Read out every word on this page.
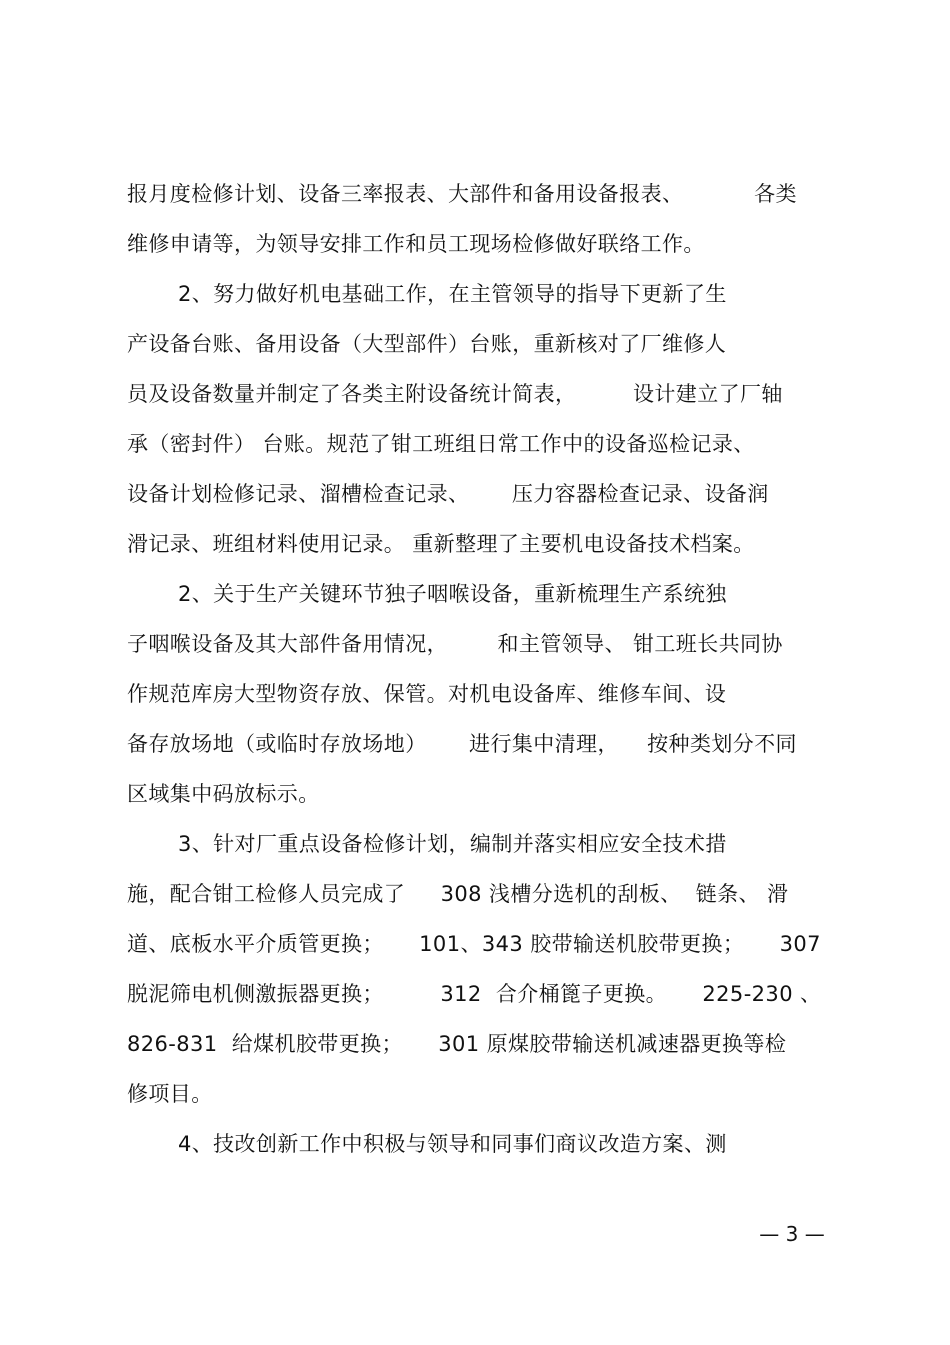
报月度检修计划、设备三率报表、大部件和备用设备报表、          各类
维修申请等，为领导安排工作和员工现场检修做好联络工作。
2、努力做好机电基础工作，在主管领导的指导下更新了生
产设备台账、备用设备（大型部件）台账，重新核对了厂维修人
员及设备数量并制定了各类主附设备统计简表，        设计建立了厂轴
承（密封件） 台账。规范了钳工班组日常工作中的设备巡检记录、
设备计划检修记录、溜槽检查记录、      压力容器检查记录、设备润
滑记录、班组材料使用记录。 重新整理了主要机电设备技术档案。
2、关于生产关键环节独子咽喉设备，重新梳理生产系统独
子咽喉设备及其大部件备用情况，       和主管领导、 钳工班长共同协
作规范库房大型物资存放、保管。对机电设备库、维修车间、设
备存放场地（或临时存放场地）      进行集中清理，    按种类划分不同
区域集中码放标示。
3、针对厂重点设备检修计划，编制并落实相应安全技术措
施，配合钳工检修人员完成了     308 浅槽分选机的刮板、  链条、 滑
道、底板水平介质管更换；     101、343 胶带输送机胶带更换；     307
脱泥筛电机侧激振器更换；        312  合介桶篦子更换。     225-230 、
826-831  给煤机胶带更换；     301 原煤胶带输送机减速器更换等检
修项目。
4、技改创新工作中积极与领导和同事们商议改造方案、测
— 3 —
